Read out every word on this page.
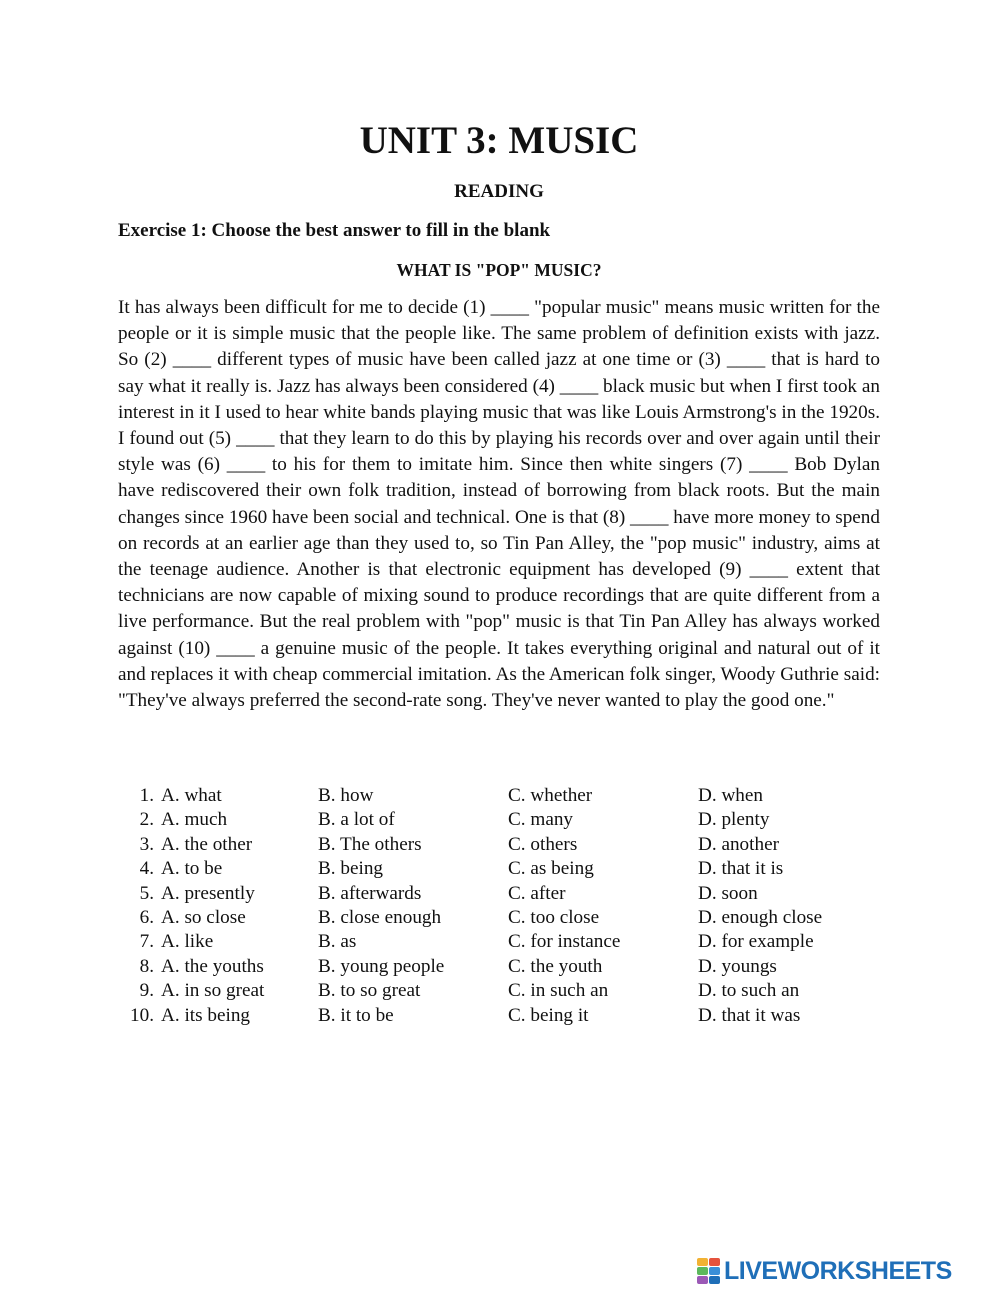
UNIT 3: MUSIC
READING
Exercise 1: Choose the best answer to fill in the blank
WHAT IS "POP" MUSIC?

It has always been difficult for me to decide (1) ____ "popular music" means music written for the people or it is simple music that the people like. The same problem of definition exists with jazz. So (2) ____ different types of music have been called jazz at one time or (3) ____ that is hard to say what it really is. Jazz has always been considered (4) ____ black music but when I first took an interest in it I used to hear white bands playing music that was like Louis Armstrong's in the 1920s. I found out (5) ____ that they learn to do this by playing his records over and over again until their style was (6) ____ to his for them to imitate him. Since then white singers (7) ____ Bob Dylan have rediscovered their own folk tradition, instead of borrowing from black roots. But the main changes since 1960 have been social and technical. One is that (8) ____ have more money to spend on records at an earlier age than they used to, so Tin Pan Alley, the "pop music" industry, aims at the teenage audience. Another is that electronic equipment has developed (9) ____ extent that technicians are now capable of mixing sound to produce recordings that are quite different from a live performance. But the real problem with "pop" music is that Tin Pan Alley has always worked against (10) ____ a genuine music of the people. It takes everything original and natural out of it and replaces it with cheap commercial imitation. As the American folk singer, Woody Guthrie said: "They've always preferred the second-rate song. They've never wanted to play the good one."

1. A. what	B. how	C. whether	D. when
2. A. much	B. a lot of	C. many	D. plenty
3. A. the other	B. The others	C. others	D. another
4. A. to be	B. being	C. as being	D. that it is
5. A. presently	B. afterwards	C. after	D. soon
6. A. so close	B. close enough	C. too close	D. enough close
7. A. like	B. as	C. for instance	D. for example
8. A. the youths	B. young people	C. the youth	D. youngs
9. A. in so great	B. to so great	C. in such an	D. to such an
10. A. its being	B. it to be	C. being it	D. that it was
LIVEWORKSHEETS
